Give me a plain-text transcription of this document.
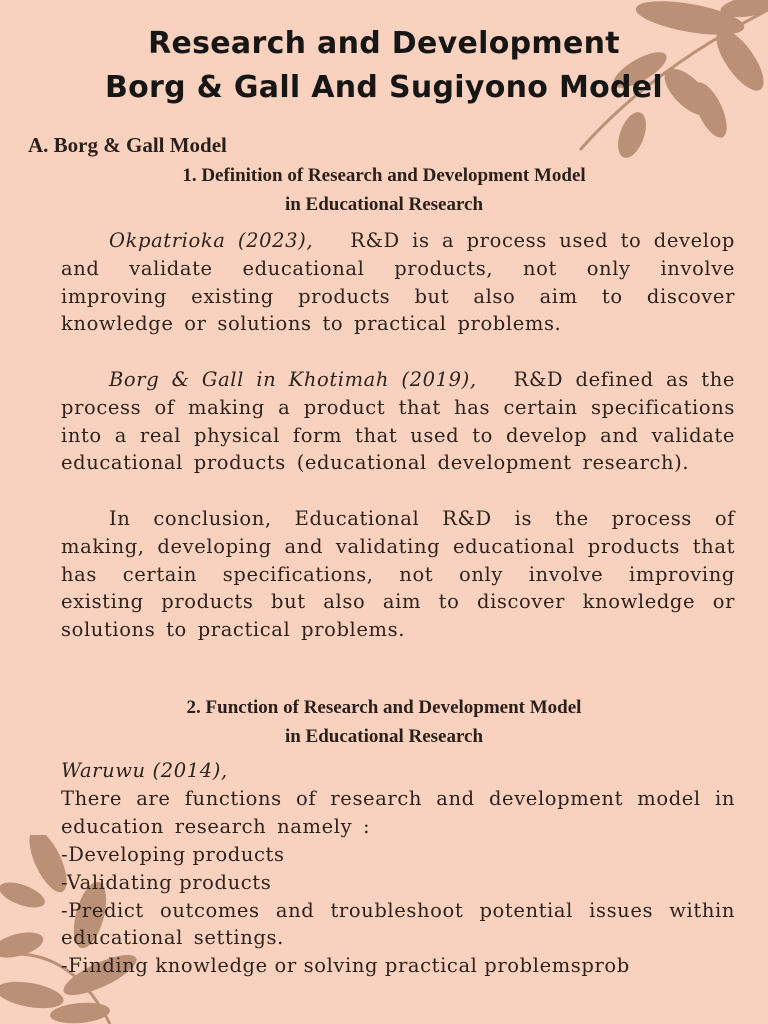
Research and Development
Borg & Gall And Sugiyono Model
A. Borg & Gall Model
1. Definition of Research and Development Model
in Educational Research

Okpatrioka (2023), R&D is a process used to develop and validate educational products, not only involve improving existing products but also aim to discover knowledge or solutions to practical problems.

Borg & Gall in Khotimah (2019), R&D defined as the process of making a product that has certain specifications into a real physical form that used to develop and validate educational products (educational development research).

In conclusion, Educational R&D is the process of making, developing and validating educational products that has certain specifications, not only involve improving existing products but also aim to discover knowledge or solutions to practical problems.

2. Function of Research and Development Model
in Educational Research
Waruwu (2014),

There are functions of research and development model in education research namely :

-Developing products
-Validating products
-Predict outcomes and troubleshoot potential issues within educational settings.
-Finding knowledge or solving practical problemsprob
